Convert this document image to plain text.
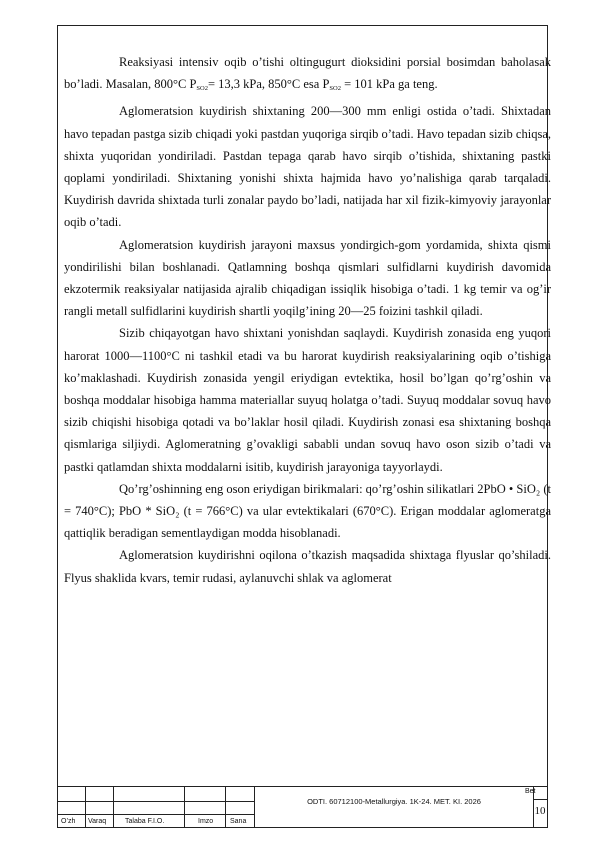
Reaksiyasi intensiv oqib o’tishi oltingugurt dioksidini porsial bosimdan baholasak bo’ladi. Masalan, 800°C $P_{SO2}= 13,3$ kPa, 850°C esa $P_{SO2} = 101$ kPa ga teng.

Aglomeratsion kuydirish shixtaning 200—300 mm enligi ostida o’tadi. Shixtadan havo tepadan pastga sizib chiqadi yoki pastdan yuqoriga sirqib o’tadi. Havo tepadan sizib chiqsa, shixta yuqoridan yondiriladi. Pastdan tepaga qarab havo sirqib o’tishida, shixtaning pastki qoplami yondiriladi. Shixtaning yonishi shixta hajmida havo yo’nalishiga qarab tarqaladi. Kuydirish davrida shixtada turli zonalar paydo bo’ladi, natijada har xil fizik-kimyoviy jarayonlar oqib o’tadi.

Aglomeratsion kuydirish jarayoni maxsus yondirgich-gom yordamida, shixta qismi yondirilishi bilan boshlanadi. Qatlamning boshqa qismlari sulfidlarni kuydirish davomida ekzotermik reaksiyalar natijasida ajralib chiqadigan issiqlik hisobiga o’tadi. 1 kg temir va og’ir rangli metall sulfidlarini kuydirish shartli yoqilg’ining 20—25 foizini tashkil qiladi.

Sizib chiqayotgan havo shixtani yonishdan saqlaydi. Kuydirish zonasida eng yuqori harorat 1000—1100°C ni tashkil etadi va bu harorat kuydirish reaksiyalarining oqib o’tishiga ko’maklashadi. Kuydirish zonasida yengil eriydigan evtektika, hosil bo’lgan qo’rg’oshin va boshqa moddalar hisobiga hamma materiallar suyuq holatga o’tadi. Suyuq moddalar sovuq havo sizib chiqishi hisobiga qotadi va bo’laklar hosil qiladi. Kuydirish zonasi esa shixtaning boshqa qismlariga siljiydi. Aglomeratning g’ovakligi sababli undan sovuq havo oson sizib o’tadi va pastki qatlamdan shixta moddalarni isitib, kuydirish jarayoniga tayyorlaydi.

Qo’rg’oshinning eng oson eriydigan birikmalari: qo’rg’oshin silikatlari 2PbO • SiO₂ (t = 740°C); PbO * SiO₂ (t = 766°C) va ular evtektikalari (670°C). Erigan moddalar aglomeratga qattiqlik beradigan sementlaydigan modda hisoblanadi.

Aglomeratsion kuydirishni oqilona o’tkazish maqsadida shixtaga flyuslar qo’shiladi. Flyus shaklida kvars, temir rudasi, aylanuvchi shlak va aglomerat

O’zh Varaq	Talaba F.I.O.	Imzo Sana
ODTI. 60712100-Metallurgiya. 1K-24. MET. KI. 2026
Bet
10
